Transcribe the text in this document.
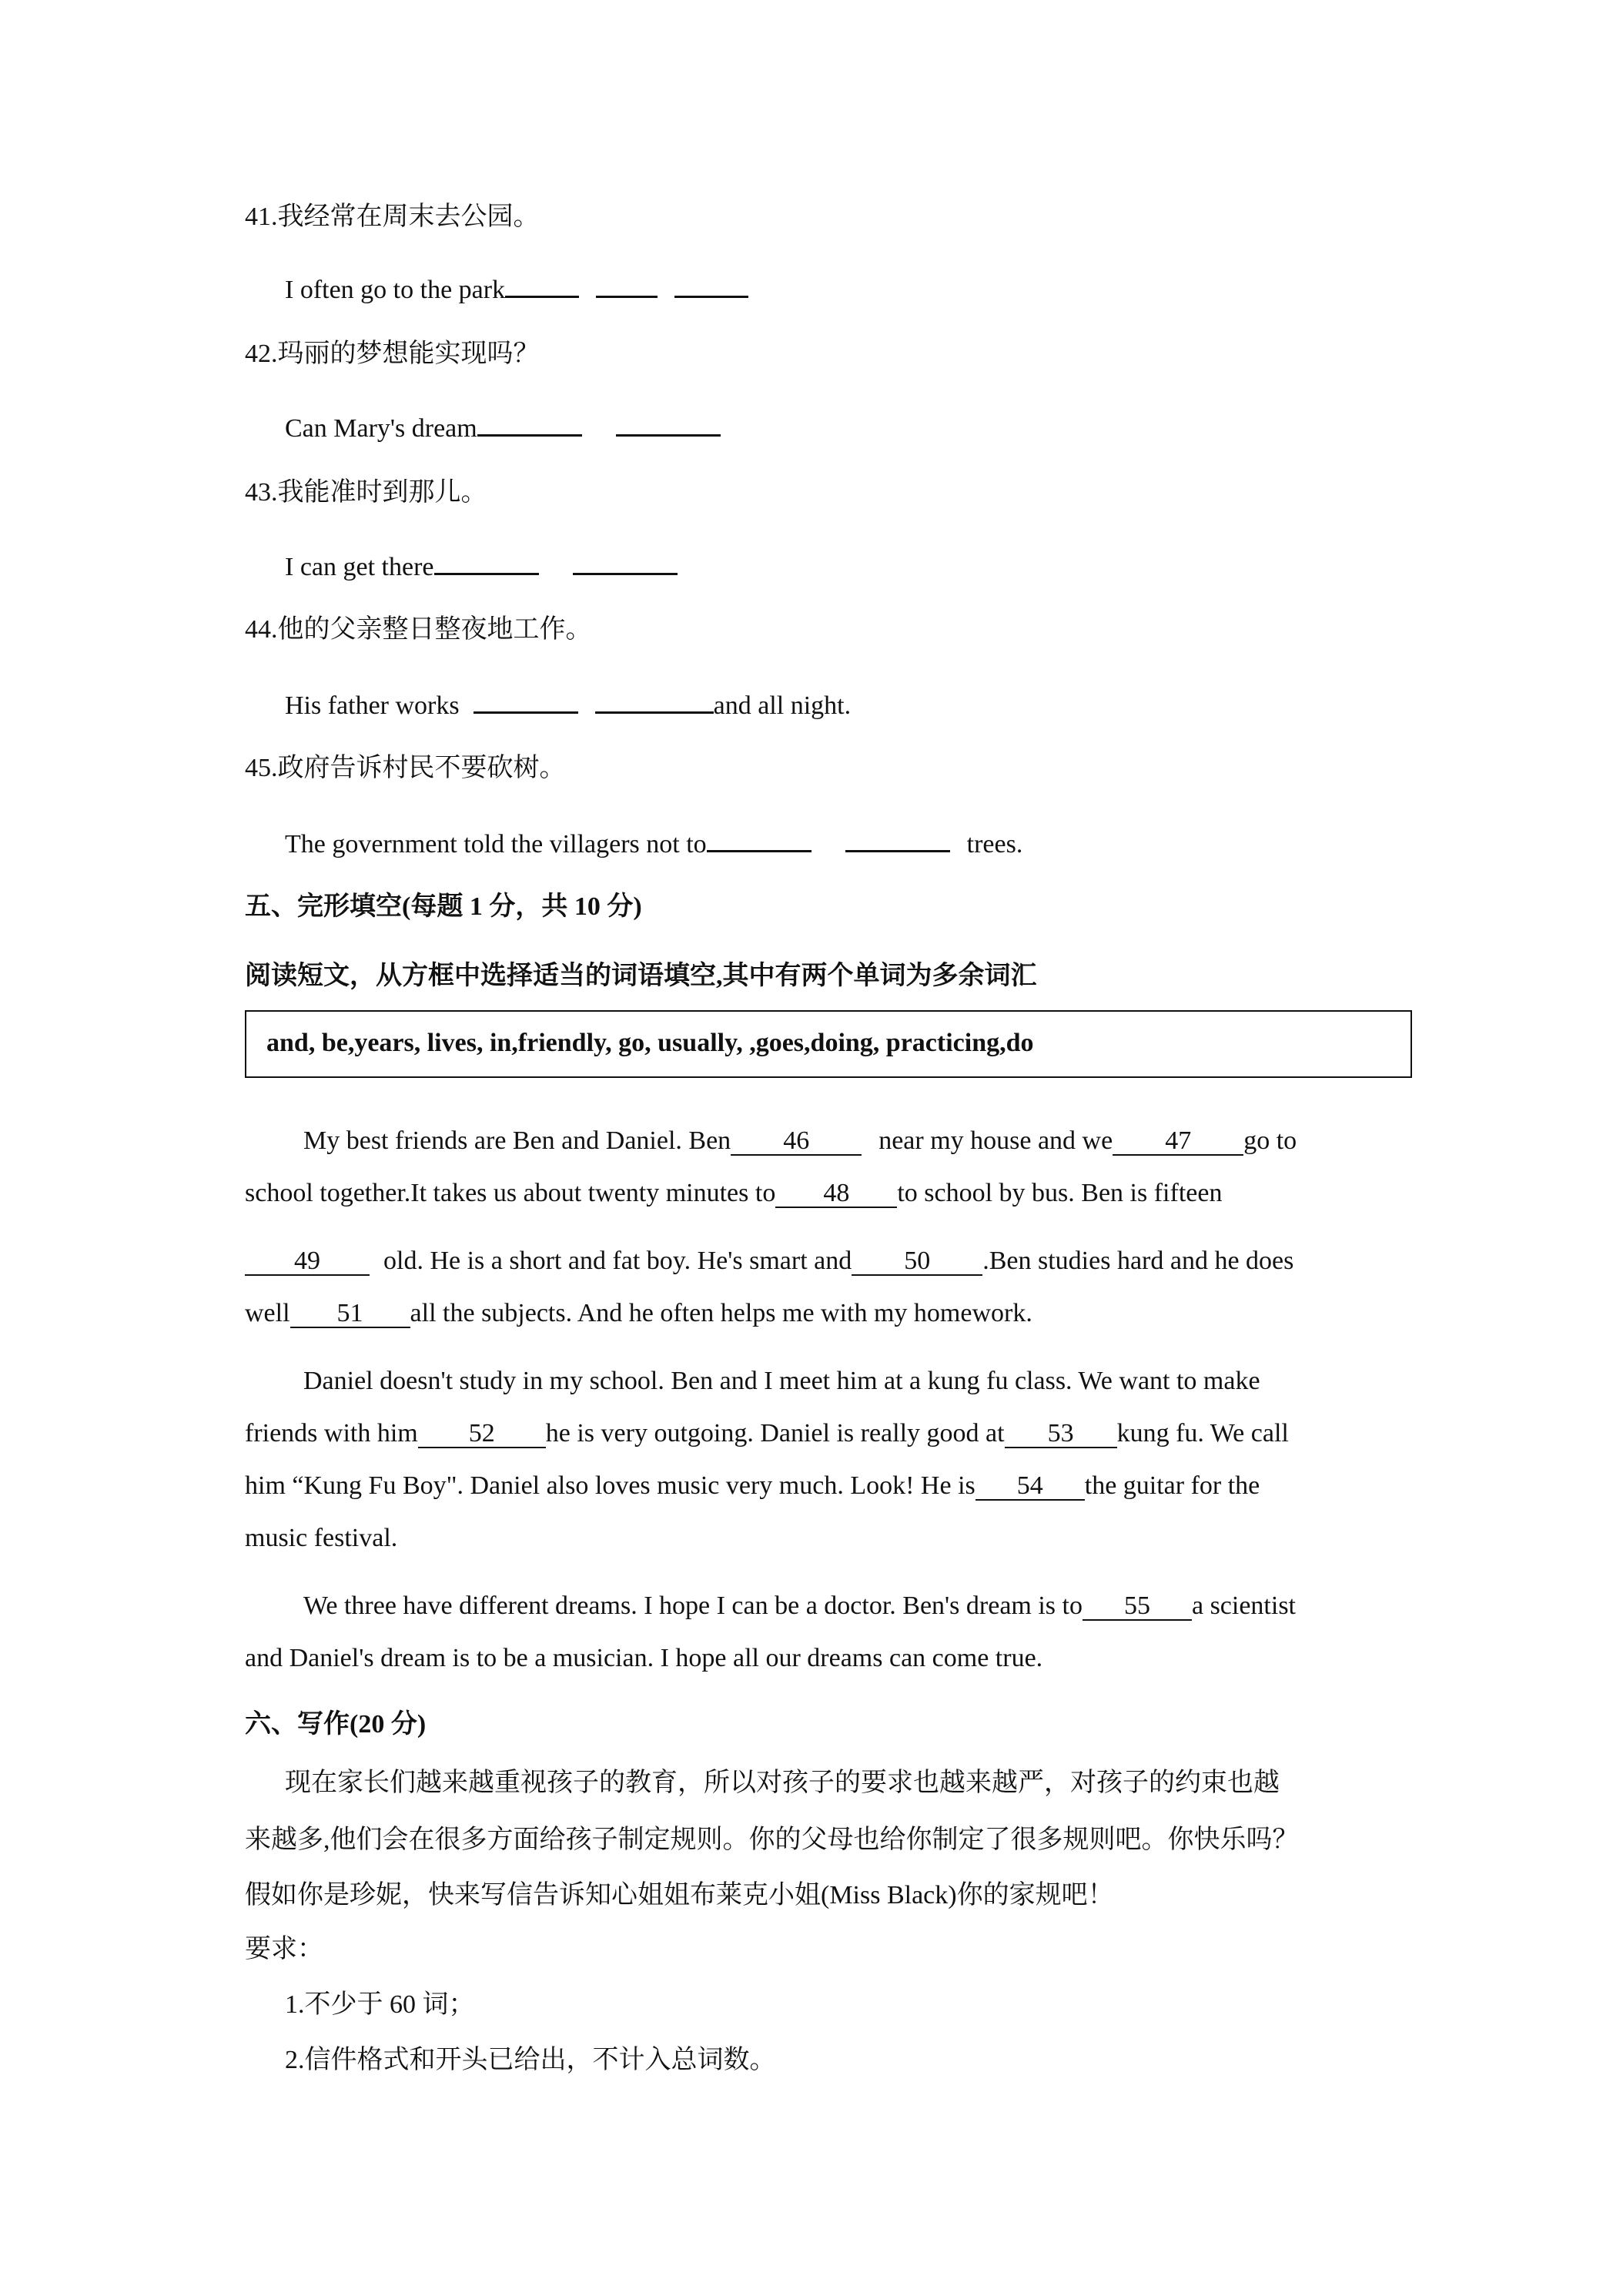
41.我经常在周末去公园。
I often go to the park
42.玛丽的梦想能实现吗？
Can Mary's dream
43.我能准时到那儿。
I can get there
44.他的父亲整日整夜地工作。
His father works	and all night.
45.政府告诉村民不要砍树。
The government told the villagers not to	trees.
五、完形填空(每题 1 分，共 10 分)
阅读短文，从方框中选择适当的词语填空,其中有两个单词为多余词汇
and, be,years, lives, in,friendly, go, usually, ,goes,doing, practicing,do
My best friends are Ben and Daniel. Ben 46	near my house and we 47 go to
school together.It takes us about twenty minutes to 48 to school by bus. Ben is fifteen
49 old. He is a short and fat boy. He's smart and 50 .Ben studies hard and he does
well 51 all the subjects. And he often helps me with my homework.
Daniel doesn't study in my school. Ben and I meet him at a kung fu class. We want to make
friends with him 52 he is very outgoing. Daniel is really good at 53 kung fu. We call
him “Kung Fu Boy". Daniel also loves music very much. Look! He is 54 the guitar for the
music festival.
We three have different dreams. I hope I can be a doctor. Ben's dream is to 55 a scientist
and Daniel's dream is to be a musician. I hope all our dreams can come true.
六、写作(20 分)
现在家长们越来越重视孩子的教育，所以对孩子的要求也越来越严，对孩子的约束也越
来越多,他们会在很多方面给孩子制定规则。你的父母也给你制定了很多规则吧。你快乐吗？
假如你是珍妮，快来写信告诉知心姐姐布莱克小姐(Miss Black)你的家规吧！
要求：
1.不少于 60 词；
2.信件格式和开头已给出，不计入总词数。
